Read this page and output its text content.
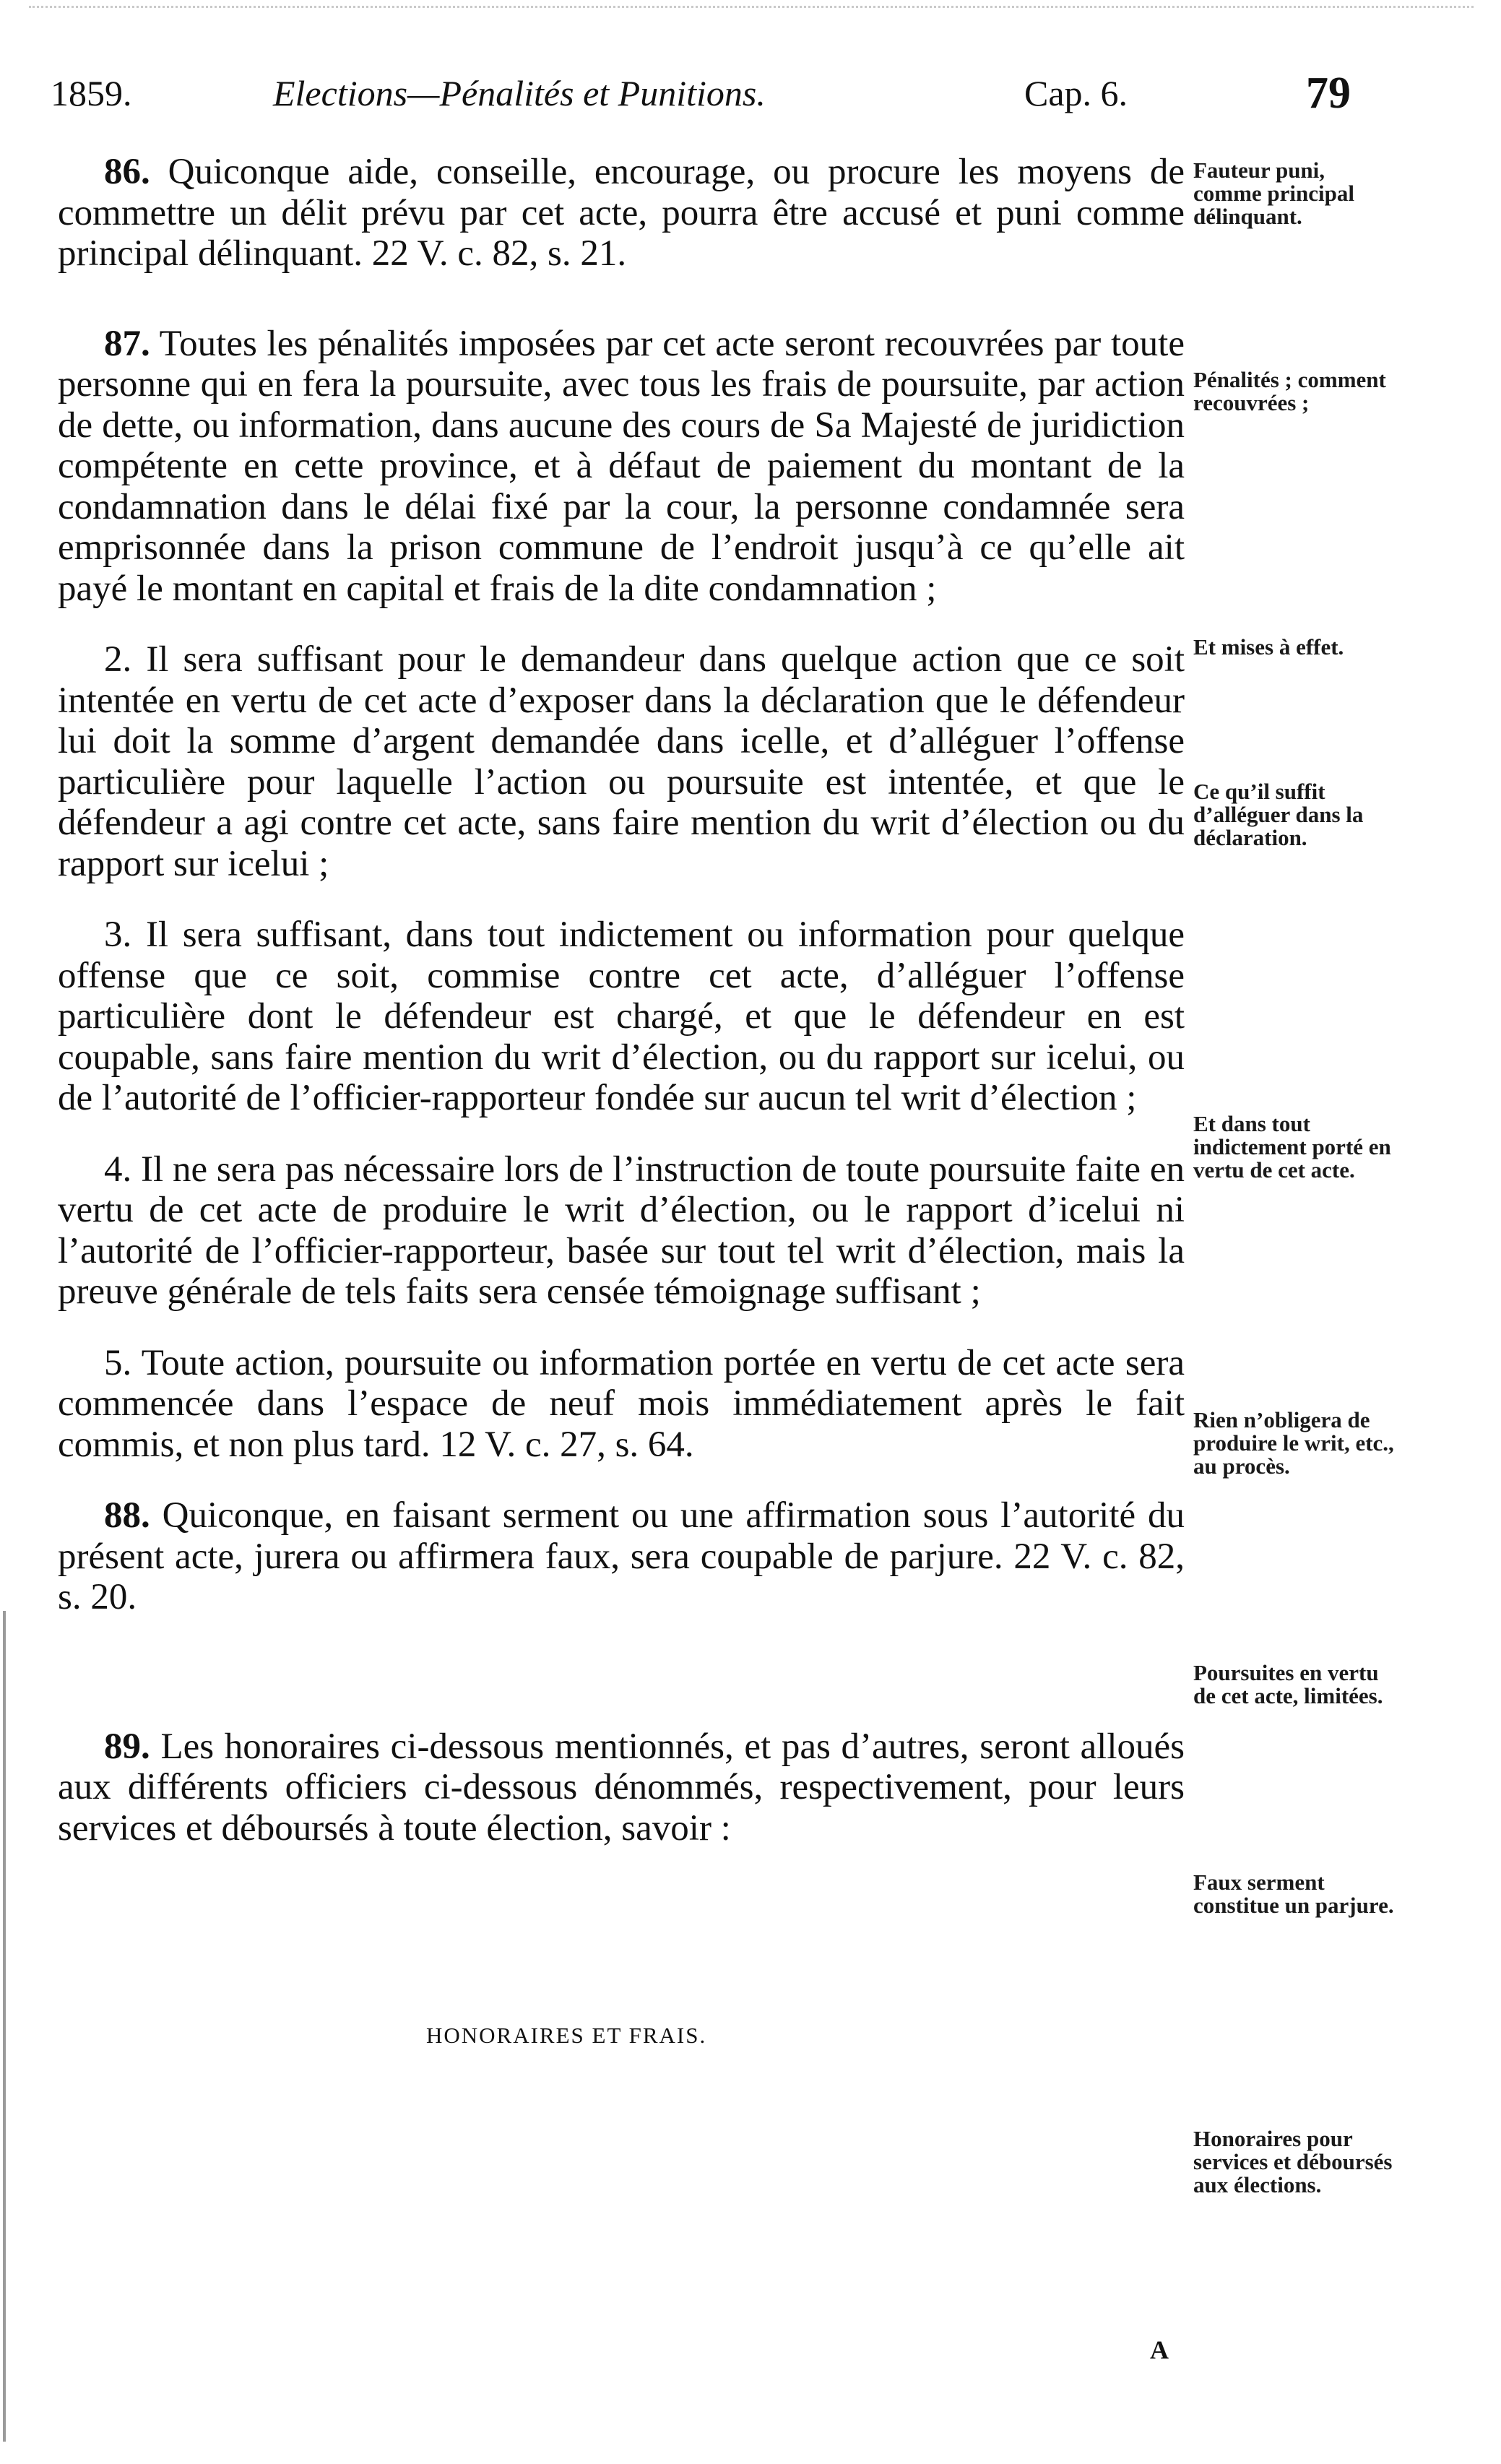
1859.	Elections—Pénalités et Punitions.	Cap. 6.	79

86. Quiconque aide, conseille, encourage, ou procure les moyens de commettre un délit prévu par cet acte, pourra être accusé et puni comme principal délinquant. 22 V. c. 82, s. 21.

87. Toutes les pénalités imposées par cet acte seront recouvrées par toute personne qui en fera la poursuite, avec tous les frais de poursuite, par action de dette, ou information, dans aucune des cours de Sa Majesté de juridiction compétente en cette province, et à défaut de paiement du montant de la condamnation dans le délai fixé par la cour, la personne condamnée sera emprisonnée dans la prison commune de l’endroit jusqu’à ce qu’elle ait payé le montant en capital et frais de la dite condamnation ;

2. Il sera suffisant pour le demandeur dans quelque action que ce soit intentée en vertu de cet acte d’exposer dans la déclaration que le défendeur lui doit la somme d’argent demandée dans icelle, et d’alléguer l’offense particulière pour laquelle l’action ou poursuite est intentée, et que le défendeur a agi contre cet acte, sans faire mention du writ d’élection ou du rapport sur icelui ;

3. Il sera suffisant, dans tout indictement ou information pour quelque offense que ce soit, commise contre cet acte, d’alléguer l’offense particulière dont le défendeur est chargé, et que le défendeur en est coupable, sans faire mention du writ d’élection, ou du rapport sur icelui, ou de l’autorité de l’officier-rapporteur fondée sur aucun tel writ d’élection ;

4. Il ne sera pas nécessaire lors de l’instruction de toute poursuite faite en vertu de cet acte de produire le writ d’élection, ou le rapport d’icelui ni l’autorité de l’officier-rapporteur, basée sur tout tel writ d’élection, mais la preuve générale de tels faits sera censée témoignage suffisant ;

5. Toute action, poursuite ou information portée en vertu de cet acte sera commencée dans l’espace de neuf mois immédiatement après le fait commis, et non plus tard. 12 V. c. 27, s. 64.

88. Quiconque, en faisant serment ou une affirmation sous l’autorité du présent acte, jurera ou affirmera faux, sera coupable de parjure. 22 V. c. 82, s. 20.

89. Les honoraires ci-dessous mentionnés, et pas d’autres, seront alloués aux différents officiers ci-dessous dénommés, respectivement, pour leurs services et déboursés à toute élection, savoir :

HONORAIRES ET FRAIS.
Fauteur puni, comme principal délinquant.
Pénalités ; comment recouvrées ;
Et mises à effet.
Ce qu’il suffit d’alléguer dans la déclaration.
Et dans tout indictement porté en vertu de cet acte.
Rien n’obligera de produire le writ, etc., au procès.
Poursuites en vertu de cet acte, limitées.
Faux serment constitue un parjure.
Honoraires pour services et déboursés aux élections.
A
